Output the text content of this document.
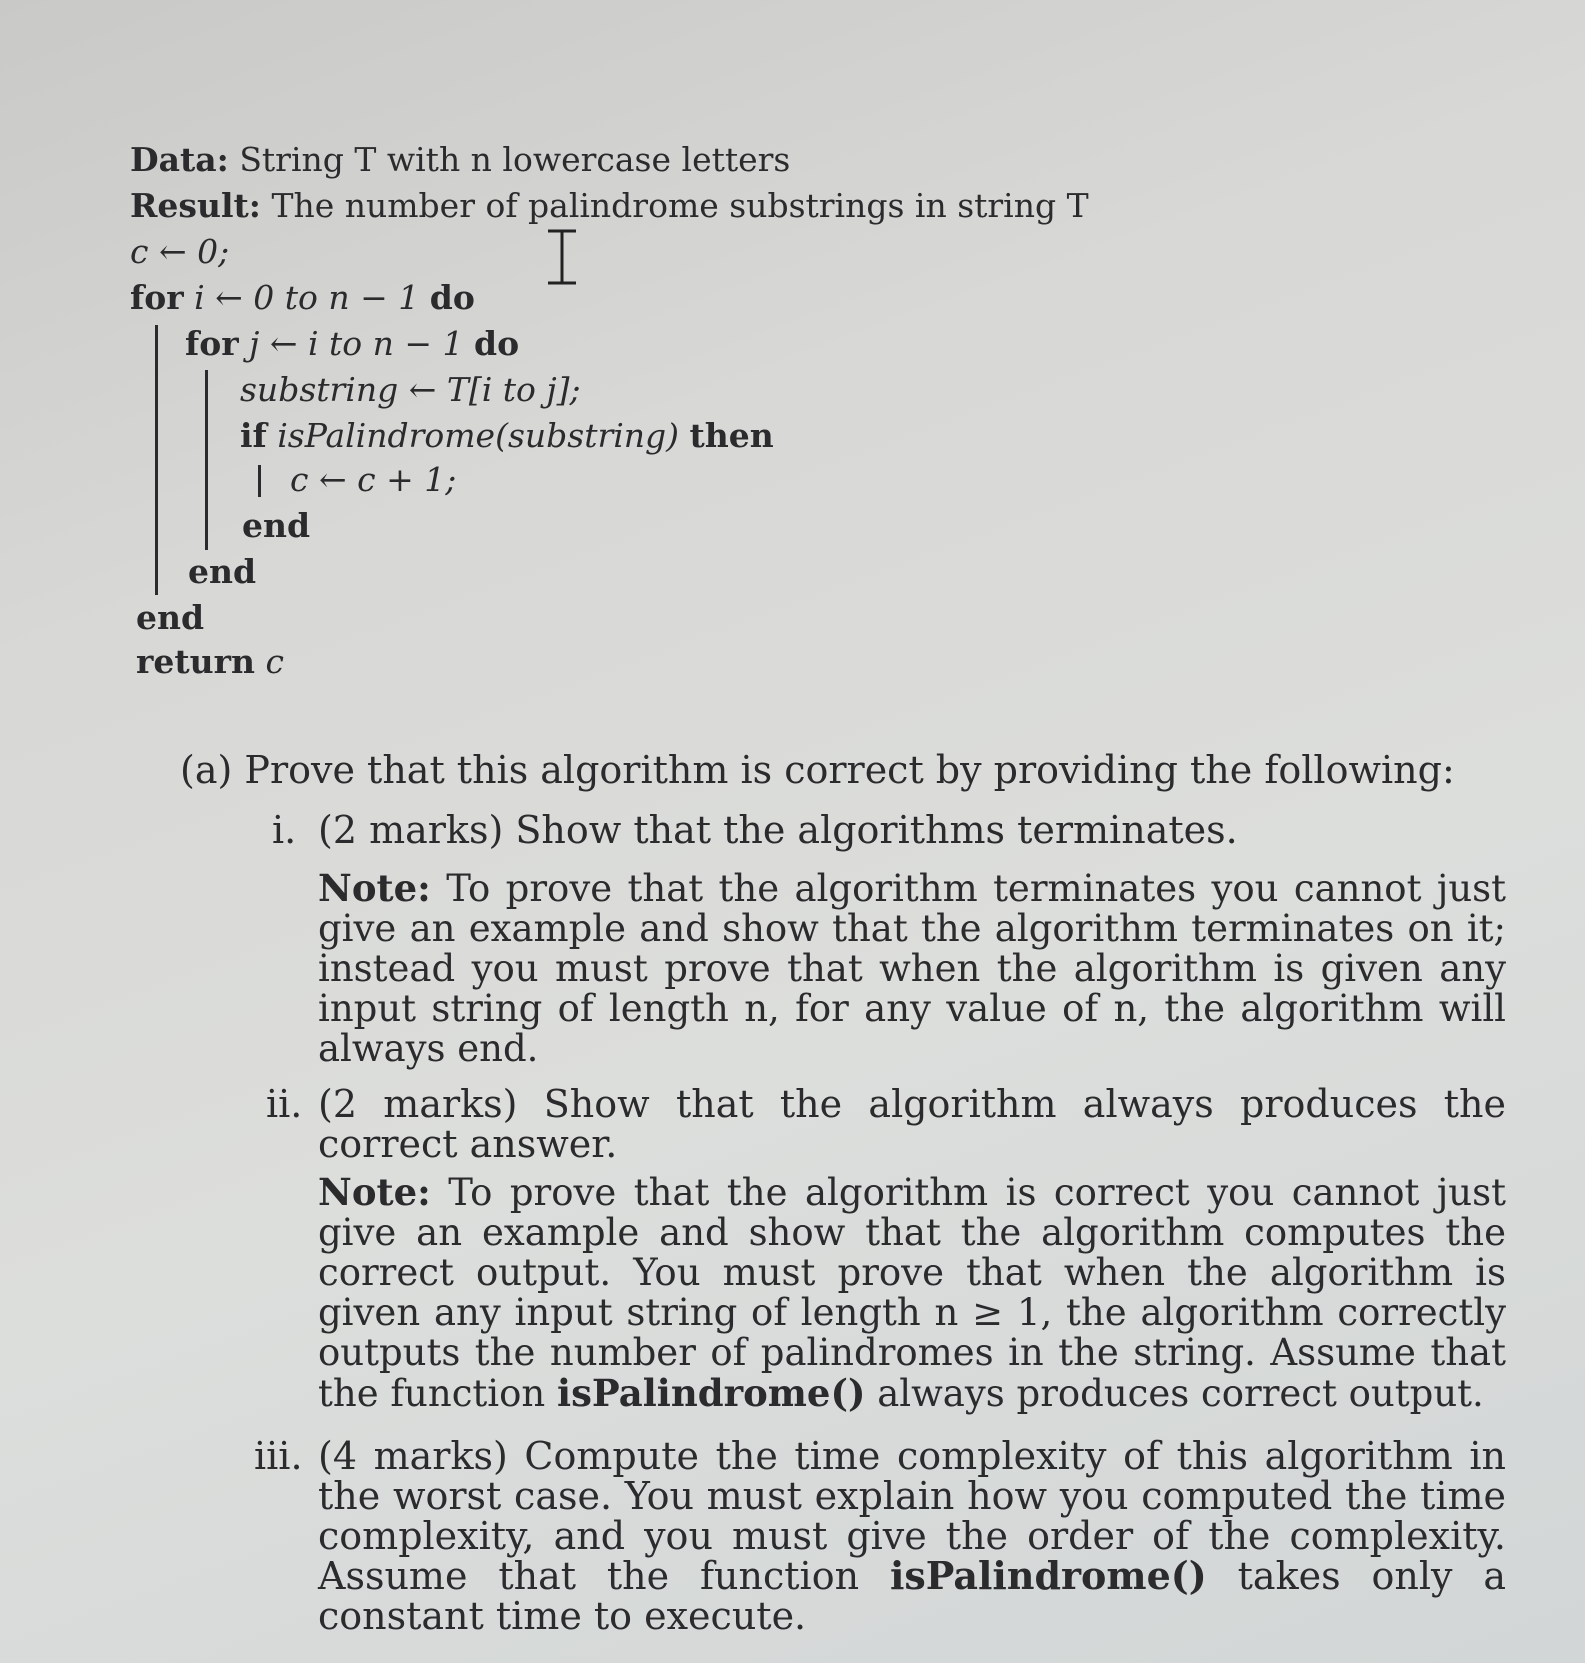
Data: String T with n lowercase letters
Result: The number of palindrome substrings in string T
c ← 0;
for i ← 0 to n − 1 do
for j ← i to n − 1 do
substring ← T[i to j];
if isPalindrome(substring) then
c ← c + 1;
end
end
end
return c
(a) Prove that this algorithm is correct by providing the following:
i. (2 marks) Show that the algorithms terminates.
Note: To prove that the algorithm terminates you cannot just give an example and show that the algorithm terminates on it; instead you must prove that when the algorithm is given any input string of length n, for any value of n, the algorithm will always end.
ii. (2 marks) Show that the algorithm always produces the correct answer.
Note: To prove that the algorithm is correct you cannot just give an example and show that the algorithm computes the correct output. You must prove that when the algorithm is given any input string of length n ≥ 1, the algorithm correctly outputs the number of palindromes in the string. Assume that the function isPalindrome() always produces correct output.
iii. (4 marks) Compute the time complexity of this algorithm in the worst case. You must explain how you computed the time complexity, and you must give the order of the complexity. Assume that the function isPalindrome() takes only a constant time to execute.
